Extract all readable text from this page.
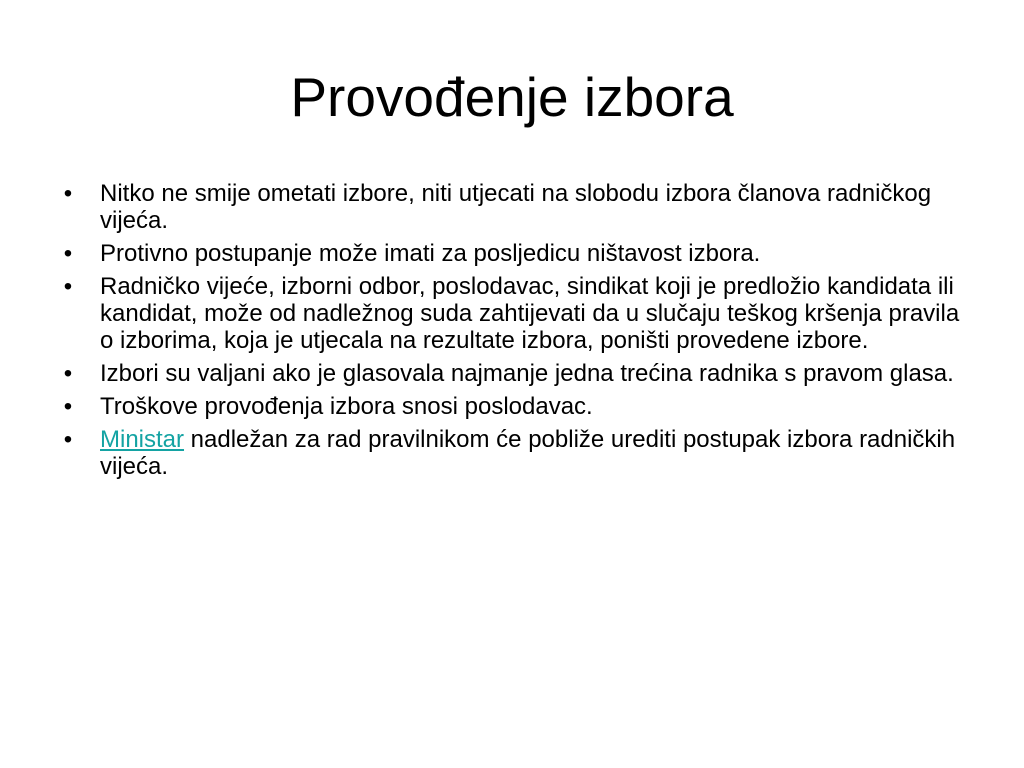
Provođenje izbora
• Nitko ne smije ometati izbore, niti utjecati na slobodu izbora članova radničkog vijeća.
• Protivno postupanje može imati za posljedicu ništavost izbora.
• Radničko vijeće, izborni odbor, poslodavac, sindikat koji je predložio kandidata ili kandidat, može od nadležnog suda zahtijevati da u slučaju teškog kršenja pravila o izborima, koja je utjecala na rezultate izbora, poništi provedene izbore.
• Izbori su valjani ako je glasovala najmanje jedna trećina radnika s pravom glasa.
• Troškove provođenja izbora snosi poslodavac.
• Ministar nadležan za rad pravilnikom će pobliže urediti postupak izbora radničkih vijeća.
